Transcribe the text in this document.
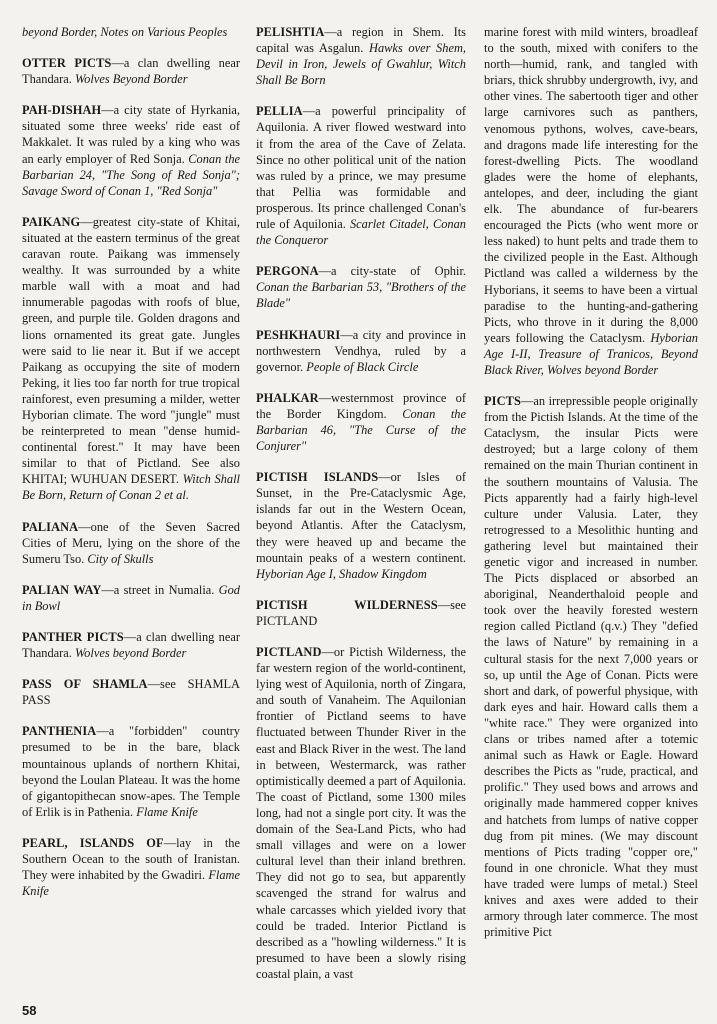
beyond Border, Notes on Various Peoples
OTTER PICTS—a clan dwelling near Thandara. Wolves Beyond Border
PAH-DISHAH—a city state of Hyrkania, situated some three weeks' ride east of Makkalet. It was ruled by a king who was an early employer of Red Sonja. Conan the Barbarian 24, "The Song of Red Sonja"; Savage Sword of Conan 1, "Red Sonja"
PAIKANG—greatest city-state of Khitai, situated at the eastern terminus of the great caravan route. Paikang was immensely wealthy. It was surrounded by a white marble wall with a moat and had innumerable pagodas with roofs of blue, green, and purple tile. Golden dragons and lions ornamented its great gate. Jungles were said to lie near it. But if we accept Paikang as occupying the site of modern Peking, it lies too far north for true tropical rainforest, even presuming a milder, wetter Hyborian climate. The word "jungle" must be reinterpreted to mean "dense humid-continental forest." It may have been similar to that of Pictland. See also KHITAI; WUHUAN DESERT. Witch Shall Be Born, Return of Conan 2 et al.
PALIANA—one of the Seven Sacred Cities of Meru, lying on the shore of the Sumeru Tso. City of Skulls
PALIAN WAY—a street in Numalia. God in Bowl
PANTHER PICTS—a clan dwelling near Thandara. Wolves beyond Border
PASS OF SHAMLA—see SHAMLA PASS
PANTHENIA—a "forbidden" country presumed to be in the bare, black mountainous uplands of northern Khitai, beyond the Loulan Plateau. It was the home of gigantopithecan snow-apes. The Temple of Erlik is in Pathenia. Flame Knife
PEARL, ISLANDS OF—lay in the Southern Ocean to the south of Iranistan. They were inhabited by the Gwadiri. Flame Knife
PELISHTIA—a region in Shem. Its capital was Asgalun. Hawks over Shem, Devil in Iron, Jewels of Gwahlur, Witch Shall Be Born
PELLIA—a powerful principality of Aquilonia. A river flowed westward into it from the area of the Cave of Zelata. Since no other political unit of the nation was ruled by a prince, we may presume that Pellia was formidable and prosperous. Its prince challenged Conan's rule of Aquilonia. Scarlet Citadel, Conan the Conqueror
PERGONA—a city-state of Ophir. Conan the Barbarian 53, "Brothers of the Blade"
PESHKHAURI—a city and province in northwestern Vendhya, ruled by a governor. People of Black Circle
PHALKAR—westernmost province of the Border Kingdom. Conan the Barbarian 46, "The Curse of the Conjurer"
PICTISH ISLANDS—or Isles of Sunset, in the Pre-Cataclysmic Age, islands far out in the Western Ocean, beyond Atlantis. After the Cataclysm, they were heaved up and became the mountain peaks of a western continent. Hyborian Age I, Shadow Kingdom
PICTISH WILDERNESS—see PICTLAND
PICTLAND—or Pictish Wilderness, the far western region of the world-continent, lying west of Aquilonia, north of Zingara, and south of Vanaheim. The Aquilonian frontier of Pictland seems to have fluctuated between Thunder River in the east and Black River in the west. The land in between, Westermarck, was rather optimistically deemed a part of Aquilonia. The coast of Pictland, some 1300 miles long, had not a single port city. It was the domain of the Sea-Land Picts, who had small villages and were on a lower cultural level than their inland brethren. They did not go to sea, but apparently scavenged the strand for walrus and whale carcasses which yielded ivory that could be traded. Interior Pictland is described as a "howling wilderness." It is presumed to have been a slowly rising coastal plain, a vast
marine forest with mild winters, broadleaf to the south, mixed with conifers to the north—humid, rank, and tangled with briars, thick shrubby undergrowth, ivy, and other vines. The sabertooth tiger and other large carnivores such as panthers, venomous pythons, wolves, cave-bears, and dragons made life interesting for the forest-dwelling Picts. The woodland glades were the home of elephants, antelopes, and deer, including the giant elk. The abundance of fur-bearers encouraged the Picts (who went more or less naked) to hunt pelts and trade them to the civilized people in the East. Although Pictland was called a wilderness by the Hyborians, it seems to have been a virtual paradise to the hunting-and-gathering Picts, who throve in it during the 8,000 years following the Cataclysm. Hyborian Age I-II, Treasure of Tranicos, Beyond Black River, Wolves beyond Border
PICTS—an irrepressible people originally from the Pictish Islands. At the time of the Cataclysm, the insular Picts were destroyed; but a large colony of them remained on the main Thurian continent in the southern mountains of Valusia. The Picts apparently had a fairly high-level culture under Valusia. Later, they retrogressed to a Mesolithic hunting and gathering level but maintained their genetic vigor and increased in number. The Picts displaced or absorbed an aboriginal, Neanderthaloid people and took over the heavily forested western region called Pictland (q.v.) They "defied the laws of Nature" by remaining in a cultural stasis for the next 7,000 years or so, up until the Age of Conan. Picts were short and dark, of powerful physique, with dark eyes and hair. Howard calls them a "white race." They were organized into clans or tribes named after a totemic animal such as Hawk or Eagle. Howard describes the Picts as "rude, practical, and prolific." They used bows and arrows and originally made hammered copper knives and hatchets from lumps of native copper dug from pit mines. (We may discount mentions of Picts trading "copper ore," found in one chronicle. What they must have traded were lumps of metal.) Steel knives and axes were added to their armory through later commerce. The most primitive Pict
58
